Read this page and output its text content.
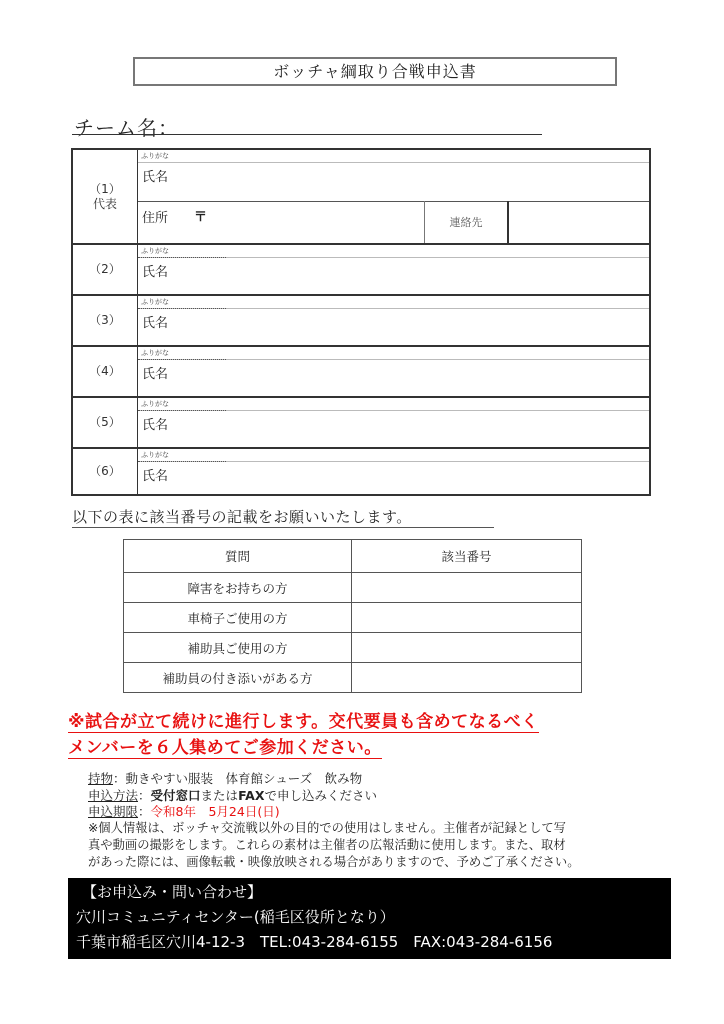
ボッチャ綱取り合戦申込書
チーム名：
（1）
代表
ふりがな
氏名
住所 〒	連絡先
（2）
ふりがな
氏名
（3）
ふりがな
氏名
（4）
ふりがな
氏名
（5）
ふりがな
氏名
（6）
ふりがな
氏名
以下の表に該当番号の記載をお願いいたします。
質問	該当番号
障害をお持ちの方	
車椅子ご使用の方	
補助具ご使用の方	
補助員の付き添いがある方	
※試合が立て続けに進行します。交代要員も含めてなるべく
メンバーを６人集めてご参加ください。
持物：動きやすい服装　体育館シューズ　飲み物
申込方法：受付窓口またはFAXで申し込みください
申込期限：令和8年　5月24日(日)
※個人情報は、ボッチャ交流戦以外の目的での使用はしません。主催者が記録として写
真や動画の撮影をします。これらの素材は主催者の広報活動に使用します。また、取材
があった際には、画像転載・映像放映される場合がありますので、予めご了承ください。
【お申込み・問い合わせ】
穴川コミュニティセンター(稲毛区役所となり）
千葉市稲毛区穴川4-12-3　TEL:043-284-6155　FAX:043-284-6156
